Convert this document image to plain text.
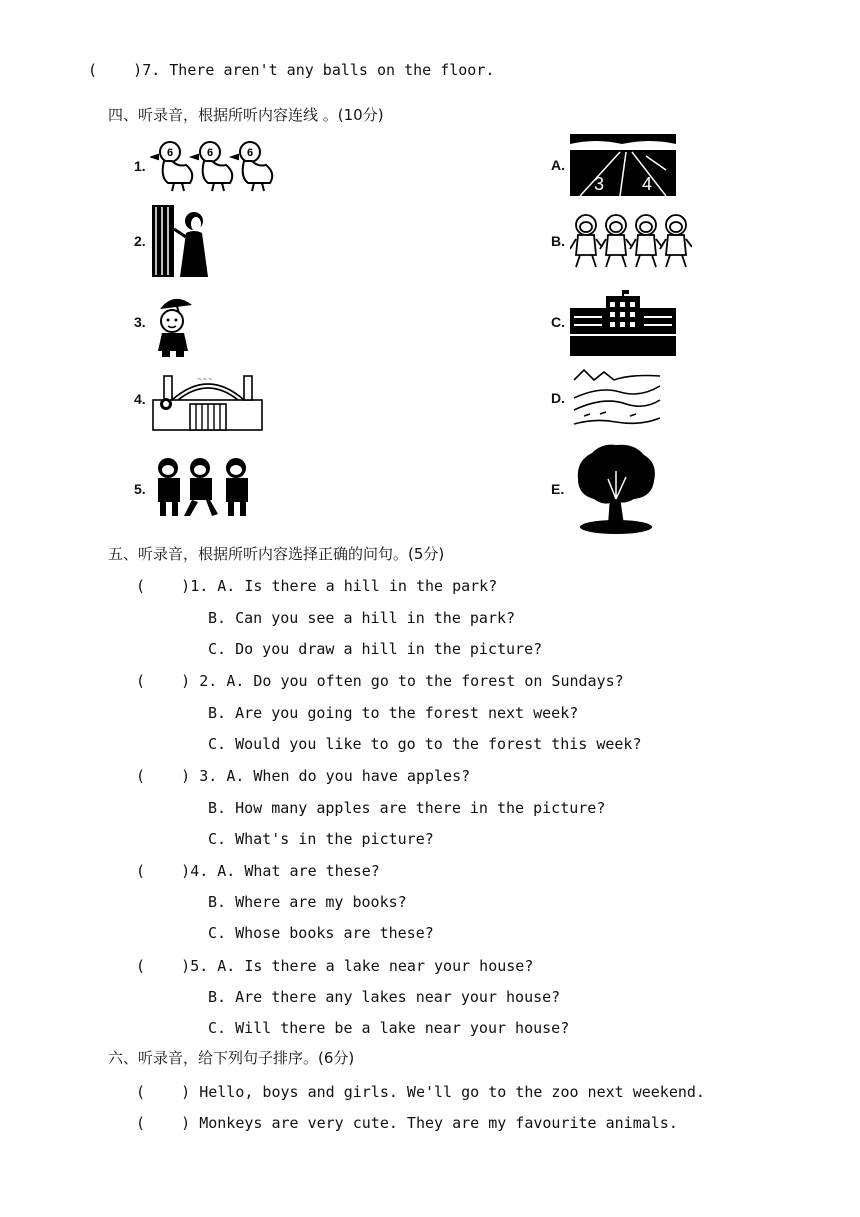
(    )7. There aren't any balls on the floor.
四、听录音，根据所听内容连线 。(10分)
1.
2.
3.
4.
5.
A.
B.
C.
D.
E.
6	6	6
~ ~ ~
3 4
五、听录音，根据所听内容选择正确的问句。(5分)
(    )1. A. Is there a hill in the park?
B. Can you see a hill in the park?
C. Do you draw a hill in the picture?
(    ) 2. A. Do you often go to the forest on Sundays?
B. Are you going to the forest next week?
C. Would you like to go to the forest this week?
(    ) 3. A. When do you have apples?
B. How many apples are there in the picture?
C. What's in the picture?
(    )4. A. What are these?
B. Where are my books?
C. Whose books are these?
(    )5. A. Is there a lake near your house?
B. Are there any lakes near your house?
C. Will there be a lake near your house?
六、听录音，给下列句子排序。(6分)
(    ) Hello, boys and girls. We'll go to the zoo next weekend.
(    ) Monkeys are very cute. They are my favourite animals.
